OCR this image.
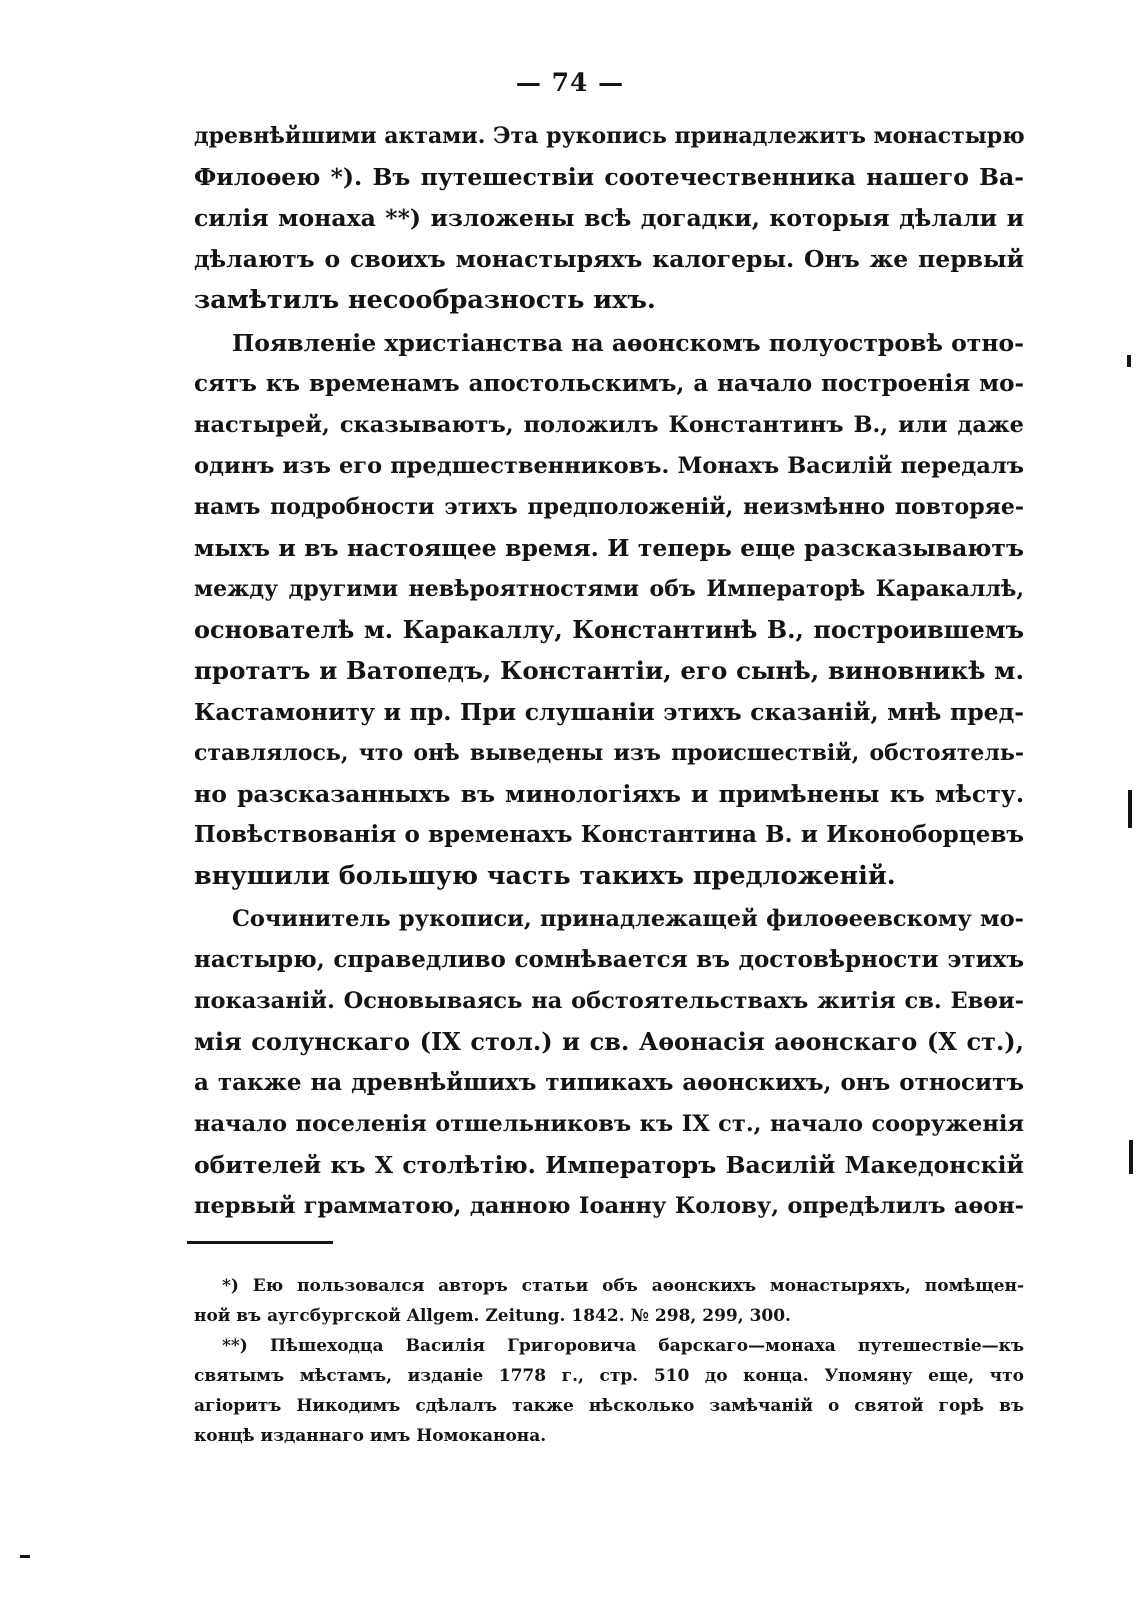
— 74 —
древнѣйшими актами. Эта рукопись принадлежитъ монастырю
Филоѳею *). Въ путешествіи соотечественника нашего Ва-
силія монаха **) изложены всѣ догадки, которыя дѣлали и
дѣлаютъ о своихъ монастыряхъ калогеры. Онъ же первый
замѣтилъ несообразность ихъ.
Появленіе христіанства на аѳонскомъ полуостровѣ отно-
сятъ къ временамъ апостольскимъ, а начало построенія мо-
настырей, сказываютъ, положилъ Константинъ В., или даже
одинъ изъ его предшественниковъ. Монахъ Василій передалъ
намъ подробности этихъ предположеній, неизмѣнно повторяе-
мыхъ и въ настоящее время. И теперь еще разсказываютъ
между другими невѣроятностями объ Императорѣ Каракаллѣ,
основателѣ м. Каракаллу, Константинѣ В., построившемъ
протатъ и Ватопедъ, Константіи, его сынѣ, виновникѣ м.
Кастамониту и пр. При слушаніи этихъ сказаній, мнѣ пред-
ставлялось, что онѣ выведены изъ происшествій, обстоятель-
но разсказанныхъ въ минологіяхъ и примѣнены къ мѣсту.
Повѣствованія о временахъ Константина В. и Иконоборцевъ
внушили большую часть такихъ предложеній.
Сочинитель рукописи, принадлежащей филоѳеевскому мо-
настырю, справедливо сомнѣвается въ достовѣрности этихъ
показаній. Основываясь на обстоятельствахъ житія св. Евѳи-
мія солунскаго (IX стол.) и св. Аѳонасія аѳонскаго (X ст.),
а также на древнѣйшихъ типикахъ аѳонскихъ, онъ относитъ
начало поселенія отшельниковъ къ IX ст., начало сооруженія
обителей къ X столѣтію. Императоръ Василій Македонскій
первый грамматою, данною Іоанну Колову, опредѣлилъ аѳон-
*) Ею пользовался авторъ статьи объ аѳонскихъ монастыряхъ, помѣщен-
ной въ аугсбургской Allgem. Zeitung. 1842. № 298, 299, 300.
**) Пѣшеходца Василія Григоровича барскаго—монаха путешествіе—къ
святымъ мѣстамъ, изданіе 1778 г., стр. 510 до конца. Упомяну еще, что
агіоритъ Никодимъ сдѣлалъ также нѣсколько замѣчаній о святой горѣ въ
концѣ изданнаго имъ Номоканона.
